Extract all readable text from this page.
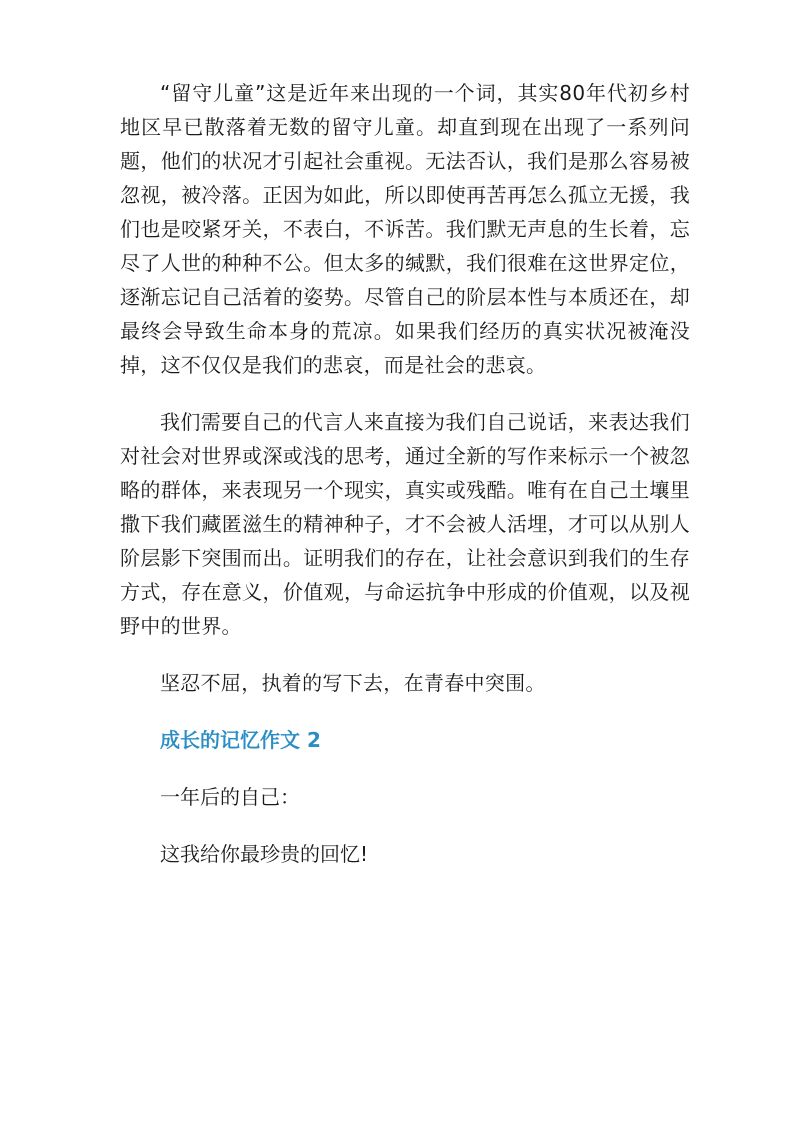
“留守儿童”这是近年来出现的一个词，其实80年代初乡村地区早已散落着无数的留守儿童。却直到现在出现了一系列问题，他们的状况才引起社会重视。无法否认，我们是那么容易被忽视，被冷落。正因为如此，所以即使再苦再怎么孤立无援，我们也是咬紧牙关，不表白，不诉苦。我们默无声息的生长着，忘尽了人世的种种不公。但太多的缄默，我们很难在这世界定位，逐渐忘记自己活着的姿势。尽管自己的阶层本性与本质还在，却最终会导致生命本身的荒凉。如果我们经历的真实状况被淹没掉，这不仅仅是我们的悲哀，而是社会的悲哀。

我们需要自己的代言人来直接为我们自己说话，来表达我们对社会对世界或深或浅的思考，通过全新的写作来标示一个被忽略的群体，来表现另一个现实，真实或残酷。唯有在自己土壤里撒下我们藏匿滋生的精神种子，才不会被人活埋，才可以从别人阶层影下突围而出。证明我们的存在，让社会意识到我们的生存方式，存在意义，价值观，与命运抗争中形成的价值观，以及视野中的世界。

坚忍不屈，执着的写下去，在青春中突围。

成长的记忆作文 2

一年后的自己：

这我给你最珍贵的回忆!
